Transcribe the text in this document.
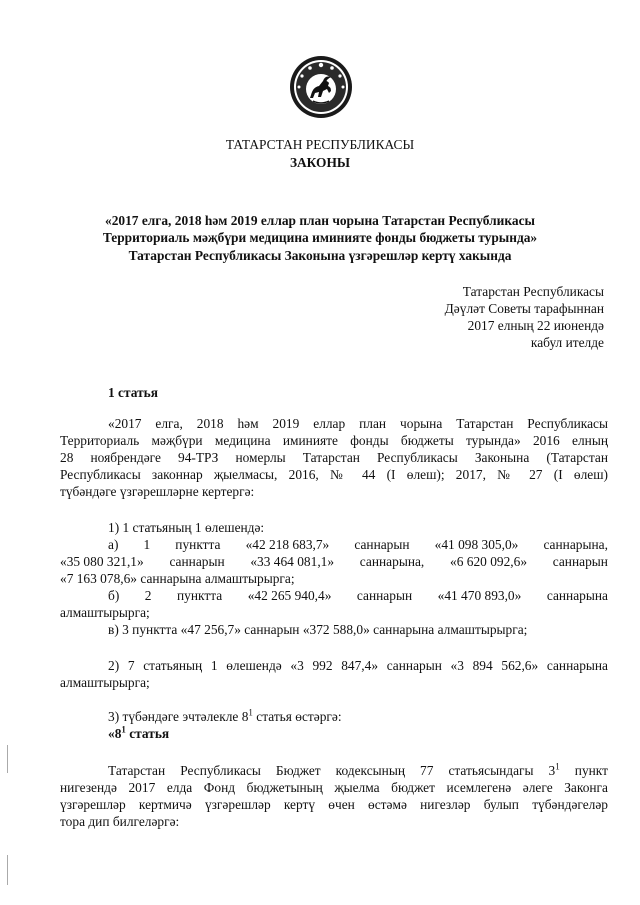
ТАТАРСТАН РЕСПУБЛИКАСЫ
ЗАКОНЫ
«2017 елга, 2018 һәм 2019 еллар план чорына Татарстан Республикасы
Территориаль мәҗбүри медицина иминияте фонды бюджеты турында»
Татарстан Республикасы Законына үзгәрешләр кертү хакында
Татарстан Республикасы
Дәүләт Советы тарафыннан
2017 елның 22 июнендә
кабул ителде
1 статья
«2017 елга, 2018 һәм 2019 еллар план чорына Татарстан Республикасы
Территориаль мәҗбүри медицина иминияте фонды бюджеты турында» 2016 елның
28 ноябрендәге 94-ТРЗ номерлы Татарстан Республикасы Законына (Татарстан
Республикасы законнар җыелмасы, 2016, № 44 (I өлеш); 2017, № 27 (I өлеш)
түбәндәге үзгәрешләрне кертергә:
1) 1 статьяның 1 өлешендә:
а) 1 пунктта «42 218 683,7» саннарын «41 098 305,0» саннарына,
«35 080 321,1» саннарын «33 464 081,1» саннарына, «6 620 092,6» саннарын
«7 163 078,6» саннарына алмаштырырга;
б) 2 пунктта «42 265 940,4» саннарын «41 470 893,0» саннарына
алмаштырырга;
в) 3 пунктта «47 256,7» саннарын «372 588,0» саннарына алмаштырырга;
2) 7 статьяның 1 өлешендә «3 992 847,4» саннарын «3 894 562,6» саннарына
алмаштырырга;
3) түбәндәге эчтәлекле $8^1$ статья өстәргә:
«$8^1$ статья
Татарстан Республикасы Бюджет кодексының 77 статьясындагы $3^1$ пункт
нигезендә 2017 елда Фонд бюджетының җыелма бюджет исемлегенә әлеге Законга
үзгәрешләр кертмичә үзгәрешләр кертү өчен өстәмә нигезләр булып түбәндәгеләр
тора дип билгеләргә:
